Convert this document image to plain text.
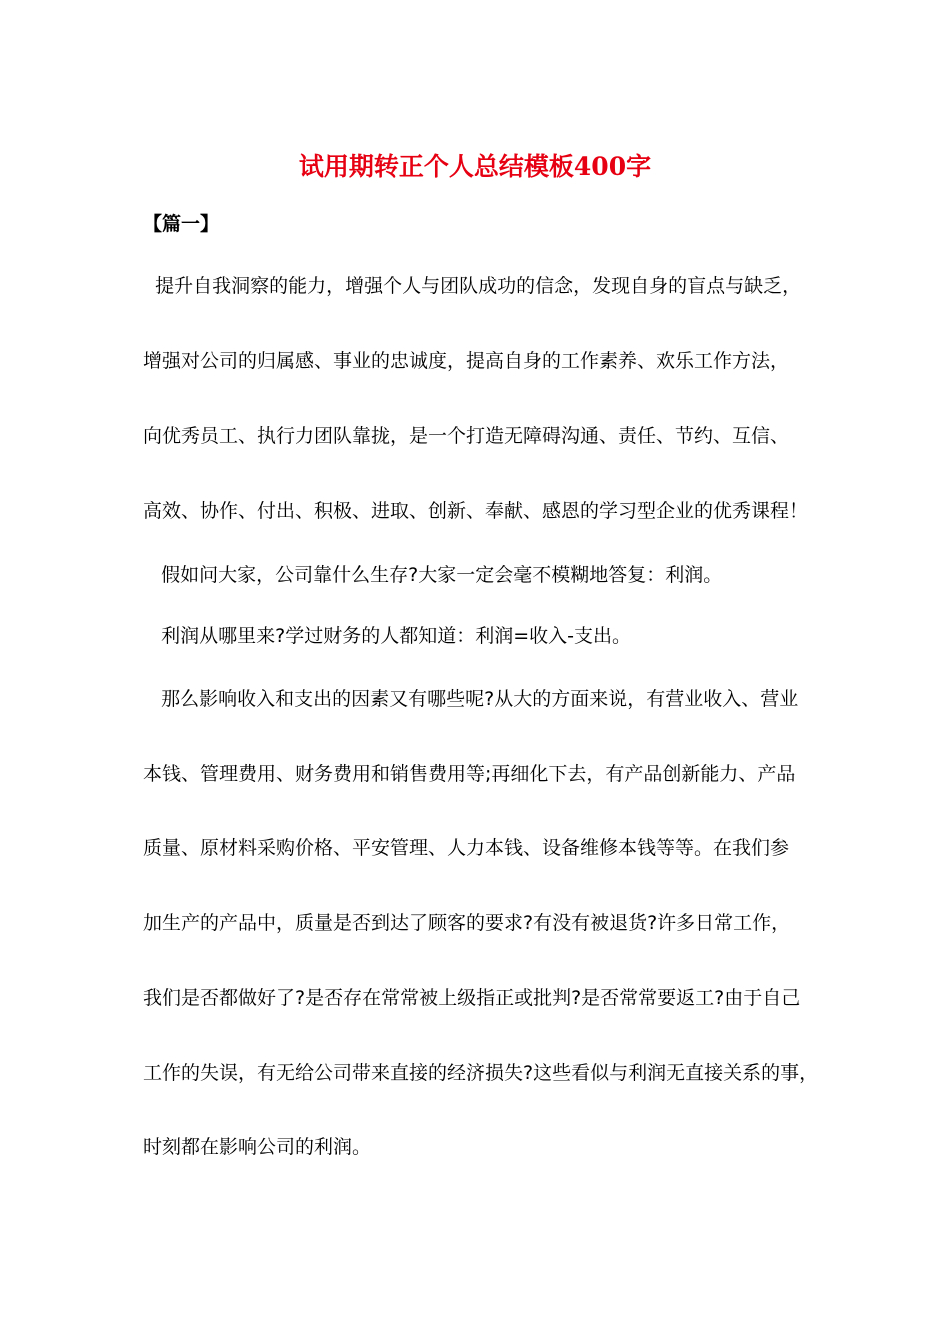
试用期转正个人总结模板400字
【篇一】

提升自我洞察的能力，增强个人与团队成功的信念，发现自身的盲点与缺乏，

增强对公司的归属感、事业的忠诚度，提高自身的工作素养、欢乐工作方法，

向优秀员工、执行力团队靠拢，是一个打造无障碍沟通、责任、节约、互信、

高效、协作、付出、积极、进取、创新、奉献、感恩的学习型企业的优秀课程！

假如问大家，公司靠什么生存?大家一定会毫不模糊地答复：利润。

利润从哪里来?学过财务的人都知道：利润=收入-支出。

那么影响收入和支出的因素又有哪些呢?从大的方面来说，有营业收入、营业

本钱、管理费用、财务费用和销售费用等;再细化下去，有产品创新能力、产品

质量、原材料采购价格、平安管理、人力本钱、设备维修本钱等等。在我们参

加生产的产品中，质量是否到达了顾客的要求?有没有被退货?许多日常工作，

我们是否都做好了?是否存在常常被上级指正或批判?是否常常要返工?由于自己

工作的失误，有无给公司带来直接的经济损失?这些看似与利润无直接关系的事，

时刻都在影响公司的利润。
